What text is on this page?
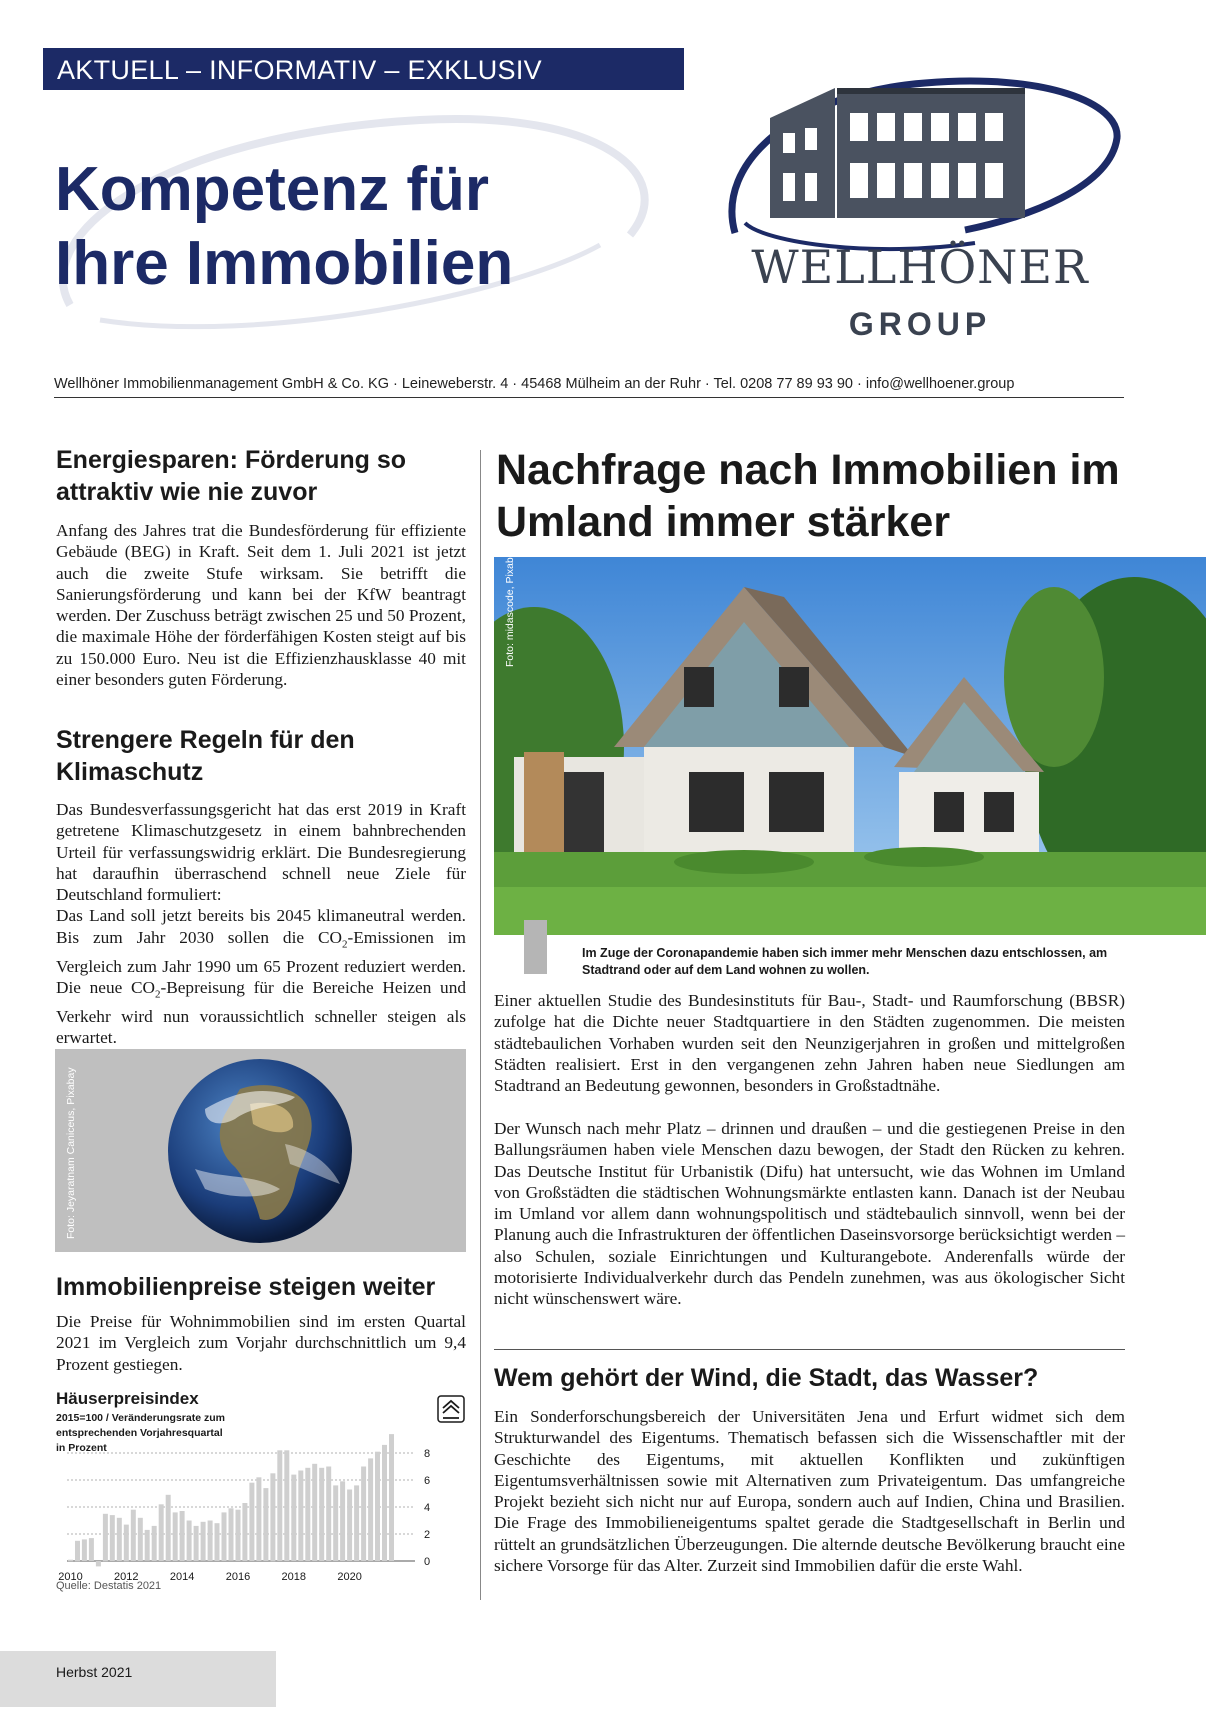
AKTUELL – INFORMATIV – EXKLUSIV
Kompetenz für
Ihre Immobilien	WELLHÖNER
GROUP
Wellhöner Immobilienmanagement GmbH & Co. KG · Leineweberstr. 4 · 45468 Mülheim an der Ruhr · Tel. 0208 77 89 93 90 · info@wellhoener.group
Energiesparen: Förderung so attraktiv wie nie zuvor

Anfang des Jahres trat die Bundesförderung für effiziente Gebäude (BEG) in Kraft. Seit dem 1. Juli 2021 ist jetzt auch die zweite Stufe wirksam. Sie betrifft die Sanierungsförderung und kann bei der KfW beantragt werden. Der Zuschuss beträgt zwischen 25 und 50 Prozent, die maximale Höhe der förderfähigen Kosten steigt auf bis zu 150.000 Euro. Neu ist die Effizienzhausklasse 40 mit einer besonders guten Förderung.

Strengere Regeln für den Klimaschutz

Das Bundesverfassungsgericht hat das erst 2019 in Kraft getretene Klimaschutzgesetz in einem bahnbrechenden Urteil für verfassungswidrig erklärt. Die Bundesregierung hat daraufhin überraschend schnell neue Ziele für Deutschland formuliert:

Das Land soll jetzt bereits bis 2045 klimaneutral werden. Bis zum Jahr 2030 sollen die $CO_2$-Emissionen im Vergleich zum Jahr 1990 um 65 Prozent reduziert werden. Die neue $CO_2$-Bepreisung für die Bereiche Heizen und Verkehr wird nun voraussichtlich schneller steigen als erwartet.

Foto: Jeyaratnam Caniceus, Pixabay
Immobilienpreise steigen weiter

Die Preise für Wohnimmobilien sind im ersten Quartal 2021 im Vergleich zum Vorjahr durchschnittlich um 9,4 Prozent gestiegen.

Häuserpreisindex
2015=100 / Veränderungsrate zum
entsprechenden Vorjahresquartal
in Prozent
0
2
4
6
8
2010	2012	2014	2016	2018	2020
Quelle: Destatis 2021
Nachfrage nach Immobilien im Umland immer stärker
Foto: midascode, Pixabay

Im Zuge der Coronapandemie haben sich immer mehr Menschen dazu entschlossen, am Stadtrand oder auf dem Land wohnen zu wollen.

Einer aktuellen Studie des Bundesinstituts für Bau-, Stadt- und Raumforschung (BBSR) zufolge hat die Dichte neuer Stadtquartiere in den Städten zugenommen. Die meisten städtebaulichen Vorhaben wurden seit den Neunzigerjahren in großen und mittelgroßen Städten realisiert. Erst in den vergangenen zehn Jahren haben neue Siedlungen am Stadtrand an Bedeutung gewonnen, besonders in Großstadtnähe.

Der Wunsch nach mehr Platz – drinnen und draußen – und die gestiegenen Preise in den Ballungsräumen haben viele Menschen dazu bewogen, der Stadt den Rücken zu kehren. Das Deutsche Institut für Urbanistik (Difu) hat untersucht, wie das Wohnen im Umland von Großstädten die städtischen Wohnungsmärkte entlasten kann. Danach ist der Neubau im Umland vor allem dann wohnungspolitisch und städtebaulich sinnvoll, wenn bei der Planung auch die Infrastrukturen der öffentlichen Daseinsvorsorge berücksichtigt werden – also Schulen, soziale Einrichtungen und Kulturangebote. Anderenfalls würde der motorisierte Individualverkehr durch das Pendeln zunehmen, was aus ökologischer Sicht nicht wünschenswert wäre.

Wem gehört der Wind, die Stadt, das Wasser?

Ein Sonderforschungsbereich der Universitäten Jena und Erfurt widmet sich dem Strukturwandel des Eigentums. Thematisch befassen sich die Wissenschaftler mit der Geschichte des Eigentums, mit aktuellen Konflikten und zukünftigen Eigentumsverhältnissen sowie mit Alternativen zum Privateigentum. Das umfangreiche Projekt bezieht sich nicht nur auf Europa, sondern auch auf Indien, China und Brasilien. Die Frage des Immobilieneigentums spaltet gerade die Stadtgesellschaft in Berlin und rüttelt an grundsätzlichen Überzeugungen. Die alternde deutsche Bevölkerung braucht eine sichere Vorsorge für das Alter. Zurzeit sind Immobilien dafür die erste Wahl.

Herbst 2021
